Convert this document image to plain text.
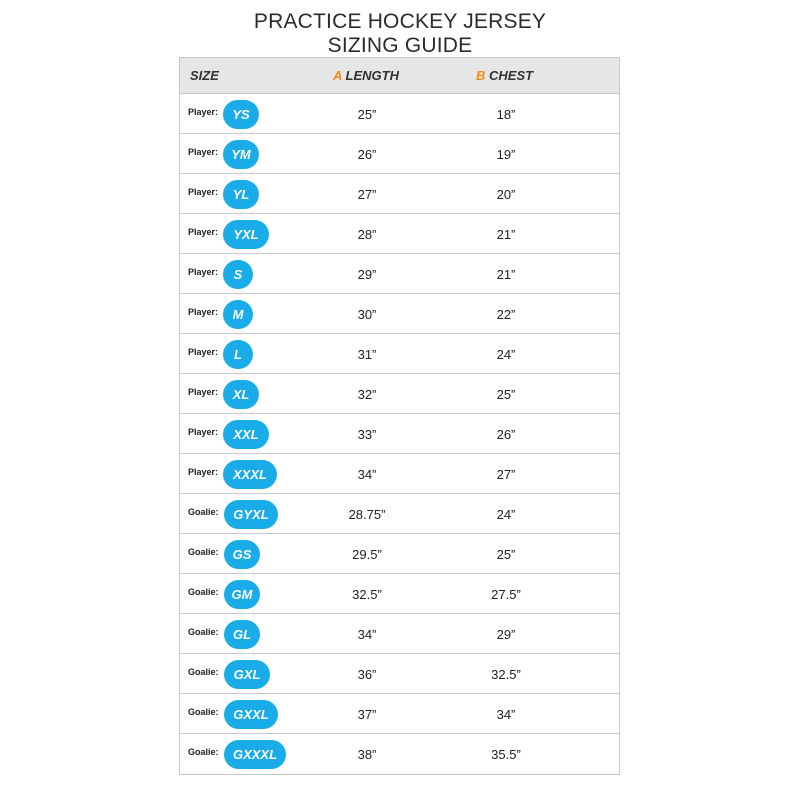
PRACTICE HOCKEY JERSEY
SIZING GUIDE
SIZE	A LENGTH	B CHEST
Player:	YS	25”	18”
Player:	YM	26”	19”
Player:	YL	27”	20”
Player:	YXL	28”	21”
Player:	S	29”	21”
Player:	M	30”	22”
Player:	L	31”	24”
Player:	XL	32”	25”
Player:	XXL	33”	26”
Player:	XXXL	34”	27”
Goalie:	GYXL	28.75”	24”
Goalie:	GS	29.5”	25”
Goalie:	GM	32.5”	27.5”
Goalie:	GL	34”	29”
Goalie:	GXL	36”	32.5”
Goalie:	GXXL	37”	34”
Goalie:	GXXXL	38”	35.5”
